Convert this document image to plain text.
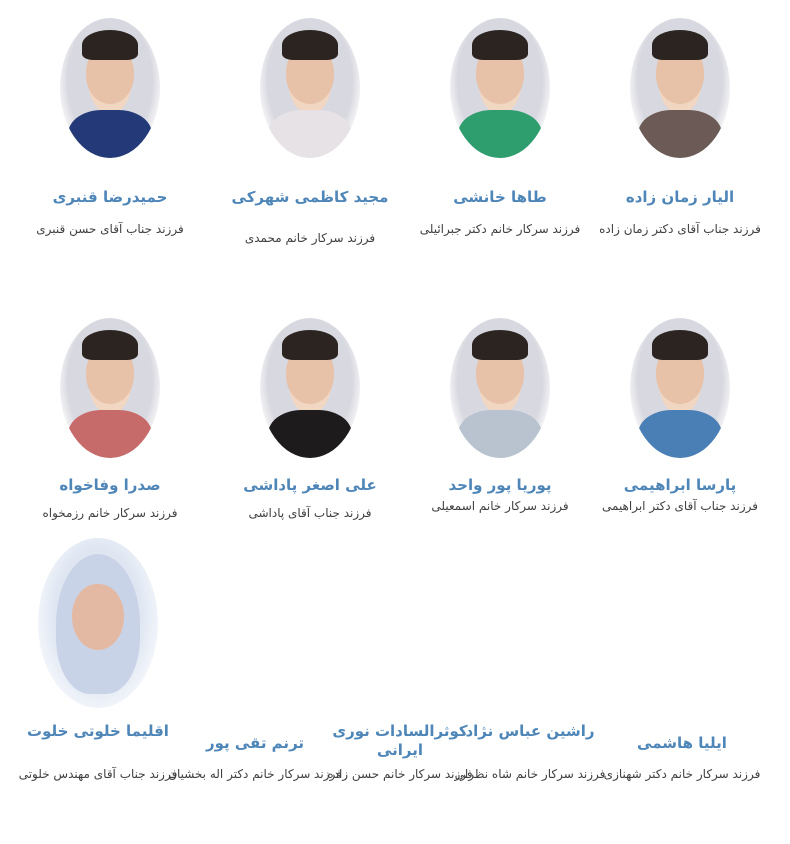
الیار زمان زاده
فرزند جناب آقای دکتر زمان زاده
طاها خانشی
فرزند سرکار خانم دکتر جبرائیلی
مجید کاظمی شهرکی
فرزند سرکار خانم محمدی
حمیدرضا قنبری
فرزند جناب آقای حسن قنبری
پارسا ابراهیمی
فرزند جناب آقای دکتر ابراهیمی
پوریا پور واحد
فرزند سرکار خانم اسمعیلی
علی اصغر پاداشی
فرزند جناب آقای پاداشی
صدرا وفاخواه
فرزند سرکار خانم رزمخواه
ایلیا هاشمی
فرزند سرکار خانم دکتر شهنازی
راشین عباس نژاد
فرزند سرکار خانم شاه نظرلی
کوثرالسادات نوری ایرانی
فرزند سرکار خانم حسن زاده
ترنم تقی پور
فرزند سرکار خانم دکتر اله بخشیان
اقلیما خلوتی خلوت
فرزند جناب آقای مهندس خلوتی
